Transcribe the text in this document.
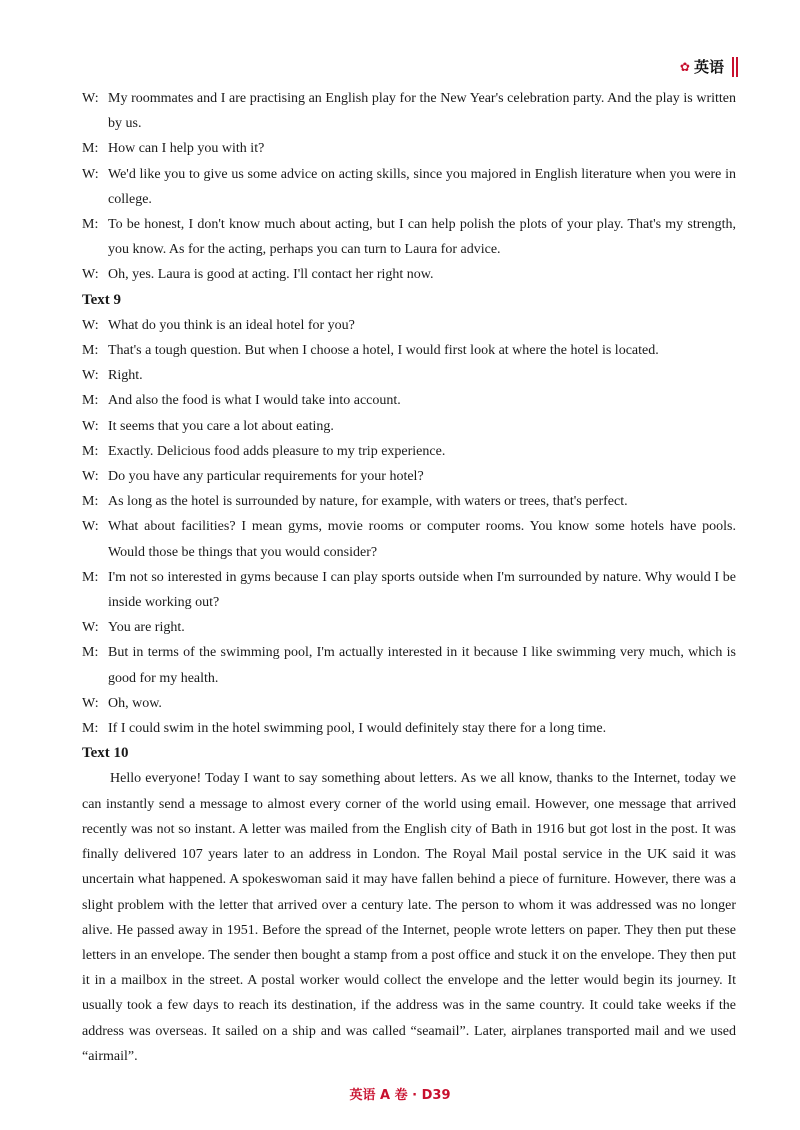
✿ 英语
W: My roommates and I are practising an English play for the New Year's celebration party. And the play is written by us.
M: How can I help you with it?
W: We'd like you to give us some advice on acting skills, since you majored in English literature when you were in college.
M: To be honest, I don't know much about acting, but I can help polish the plots of your play. That's my strength, you know. As for the acting, perhaps you can turn to Laura for advice.
W: Oh, yes. Laura is good at acting. I'll contact her right now.
Text 9
W: What do you think is an ideal hotel for you?
M: That's a tough question. But when I choose a hotel, I would first look at where the hotel is located.
W: Right.
M: And also the food is what I would take into account.
W: It seems that you care a lot about eating.
M: Exactly. Delicious food adds pleasure to my trip experience.
W: Do you have any particular requirements for your hotel?
M: As long as the hotel is surrounded by nature, for example, with waters or trees, that's perfect.
W: What about facilities? I mean gyms, movie rooms or computer rooms. You know some hotels have pools. Would those be things that you would consider?
M: I'm not so interested in gyms because I can play sports outside when I'm surrounded by nature. Why would I be inside working out?
W: You are right.
M: But in terms of the swimming pool, I'm actually interested in it because I like swimming very much, which is good for my health.
W: Oh, wow.
M: If I could swim in the hotel swimming pool, I would definitely stay there for a long time.
Text 10

Hello everyone! Today I want to say something about letters. As we all know, thanks to the Internet, today we can instantly send a message to almost every corner of the world using email. However, one message that arrived recently was not so instant. A letter was mailed from the English city of Bath in 1916 but got lost in the post. It was finally delivered 107 years later to an address in London. The Royal Mail postal service in the UK said it was uncertain what happened. A spokeswoman said it may have fallen behind a piece of furniture. However, there was a slight problem with the letter that arrived over a century late. The person to whom it was addressed was no longer alive. He passed away in 1951. Before the spread of the Internet, people wrote letters on paper. They then put these letters in an envelope. The sender then bought a stamp from a post office and stuck it on the envelope. They then put it in a mailbox in the street. A postal worker would collect the envelope and the letter would begin its journey. It usually took a few days to reach its destination, if the address was in the same country. It could take weeks if the address was overseas. It sailed on a ship and was called “seamail”. Later, airplanes transported mail and we used “airmail”.

英语 A 卷 · D39
